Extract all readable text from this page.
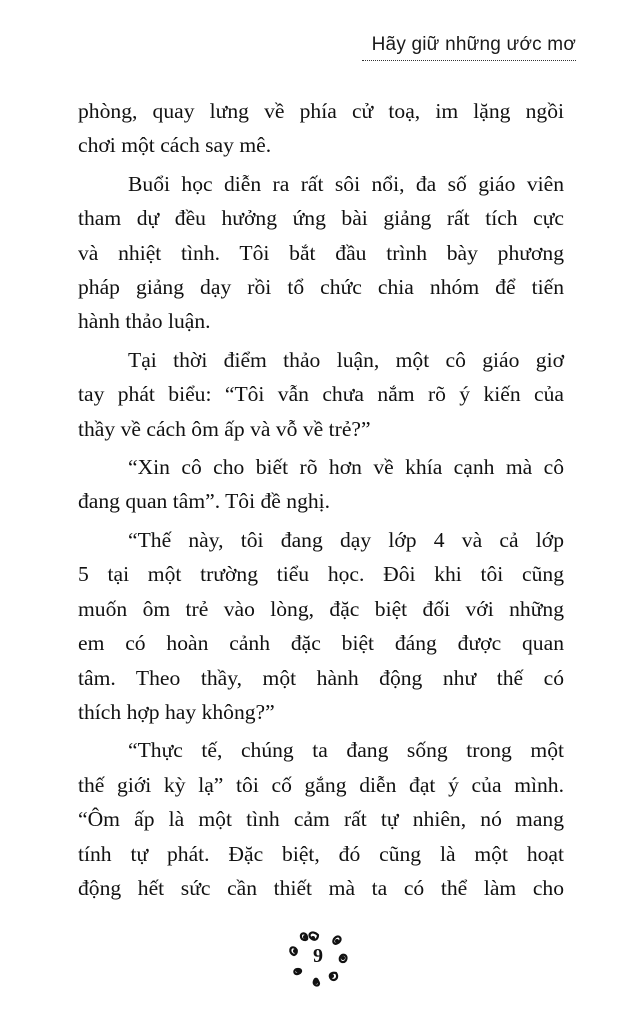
Hãy giữ những ước mơ
phòng, quay lưng về phía cử toạ, im lặng ngồi
chơi một cách say mê.
Buổi học diễn ra rất sôi nổi, đa số giáo viên
tham dự đều hưởng ứng bài giảng rất tích cực
và nhiệt tình. Tôi bắt đầu trình bày phương
pháp giảng dạy rồi tổ chức chia nhóm để tiến
hành thảo luận.
Tại thời điểm thảo luận, một cô giáo giơ
tay phát biểu: “Tôi vẫn chưa nắm rõ ý kiến của
thầy về cách ôm ấp và vỗ về trẻ?”
“Xin cô cho biết rõ hơn về khía cạnh mà cô
đang quan tâm”. Tôi đề nghị.
“Thế này, tôi đang dạy lớp 4 và cả lớp
5 tại một trường tiểu học. Đôi khi tôi cũng
muốn ôm trẻ vào lòng, đặc biệt đối với những
em có hoàn cảnh đặc biệt đáng được quan
tâm. Theo thầy, một hành động như thế có
thích hợp hay không?”
“Thực tế, chúng ta đang sống trong một
thế giới kỳ lạ” tôi cố gắng diễn đạt ý của mình.
“Ôm ấp là một tình cảm rất tự nhiên, nó mang
tính tự phát. Đặc biệt, đó cũng là một hoạt
động hết sức cần thiết mà ta có thể làm cho
9
